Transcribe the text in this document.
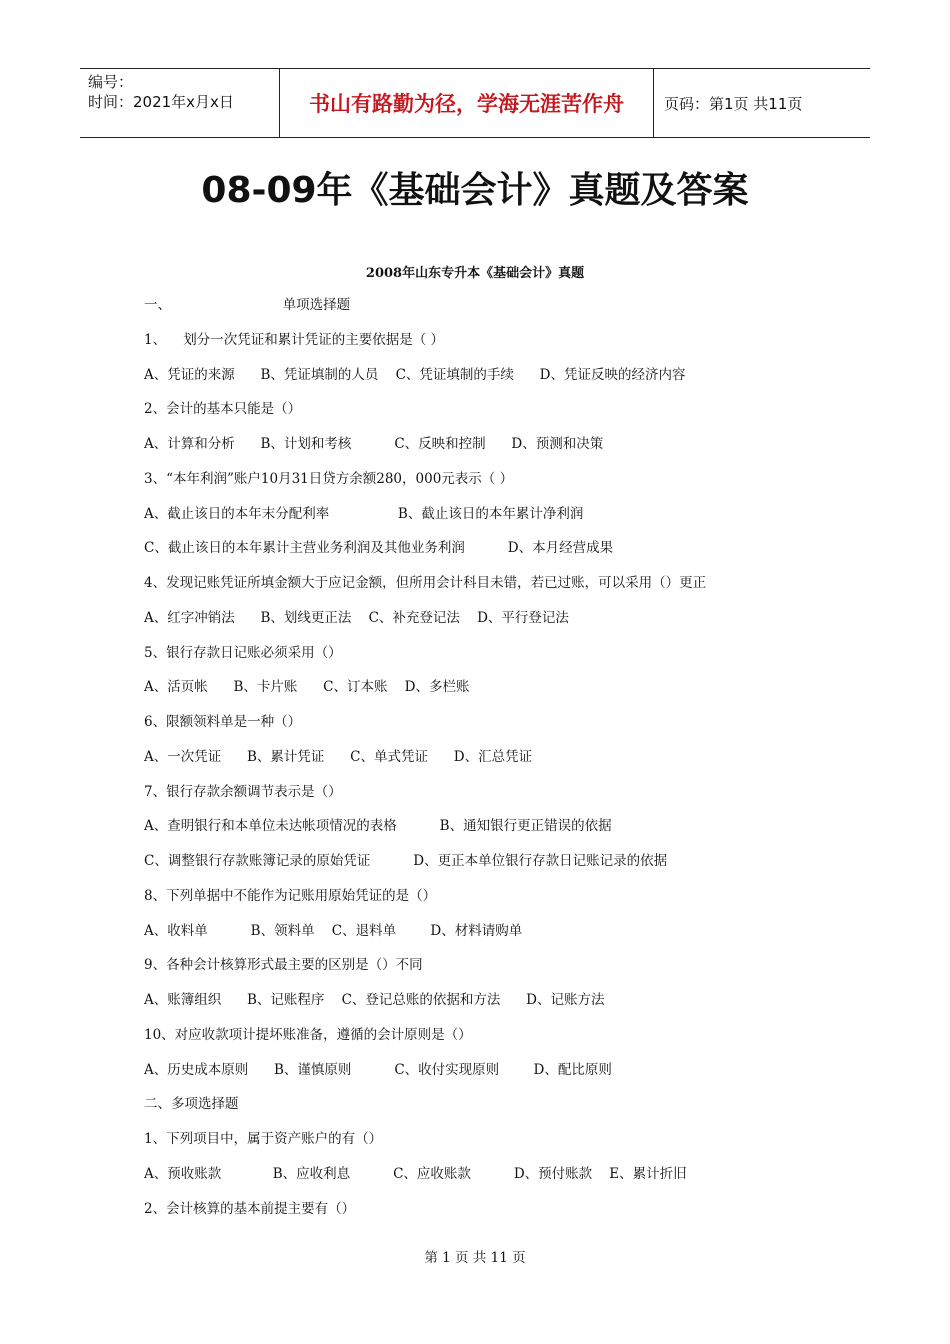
编号：
时间：2021年x月x日	书山有路勤为径，学海无涯苦作舟	页码：第1页 共11页
08-09年《基础会计》真题及答案
2008年山东专升本《基础会计》真题
一、                          单项选择题
1、    划分一次凭证和累计凭证的主要依据是（ ）
A、凭证的来源      B、凭证填制的人员    C、凭证填制的手续      D、凭证反映的经济内容
2、会计的基本只能是（）
A、计算和分析      B、计划和考核          C、反映和控制      D、预测和决策
3、“本年利润”账户10月31日贷方余额280，000元表示（ ）
A、截止该日的本年末分配利率                B、截止该日的本年累计净利润
C、截止该日的本年累计主营业务利润及其他业务利润          D、本月经营成果
4、发现记账凭证所填金额大于应记金额，但所用会计科目未错，若已过账，可以采用（）更正
A、红字冲销法      B、划线更正法    C、补充登记法    D、平行登记法
5、银行存款日记账必须采用（）
A、活页帐      B、卡片账      C、订本账    D、多栏账
6、限额领料单是一种（）
A、一次凭证      B、累计凭证      C、单式凭证      D、汇总凭证
7、银行存款余额调节表示是（）
A、查明银行和本单位未达帐项情况的表格          B、通知银行更正错误的依据
C、调整银行存款账簿记录的原始凭证          D、更正本单位银行存款日记账记录的依据
8、下列单据中不能作为记账用原始凭证的是（）
A、收料单          B、领料单    C、退料单        D、材料请购单
9、各种会计核算形式最主要的区别是（）不同
A、账簿组织      B、记账程序    C、登记总账的依据和方法      D、记账方法
10、对应收款项计提坏账准备，遵循的会计原则是（）
A、历史成本原则      B、谨慎原则          C、收付实现原则        D、配比原则
二、多项选择题
1、下列项目中，属于资产账户的有（）
A、预收账款            B、应收利息          C、应收账款          D、预付账款    E、累计折旧
2、会计核算的基本前提主要有（）
第 1 页 共 11 页
